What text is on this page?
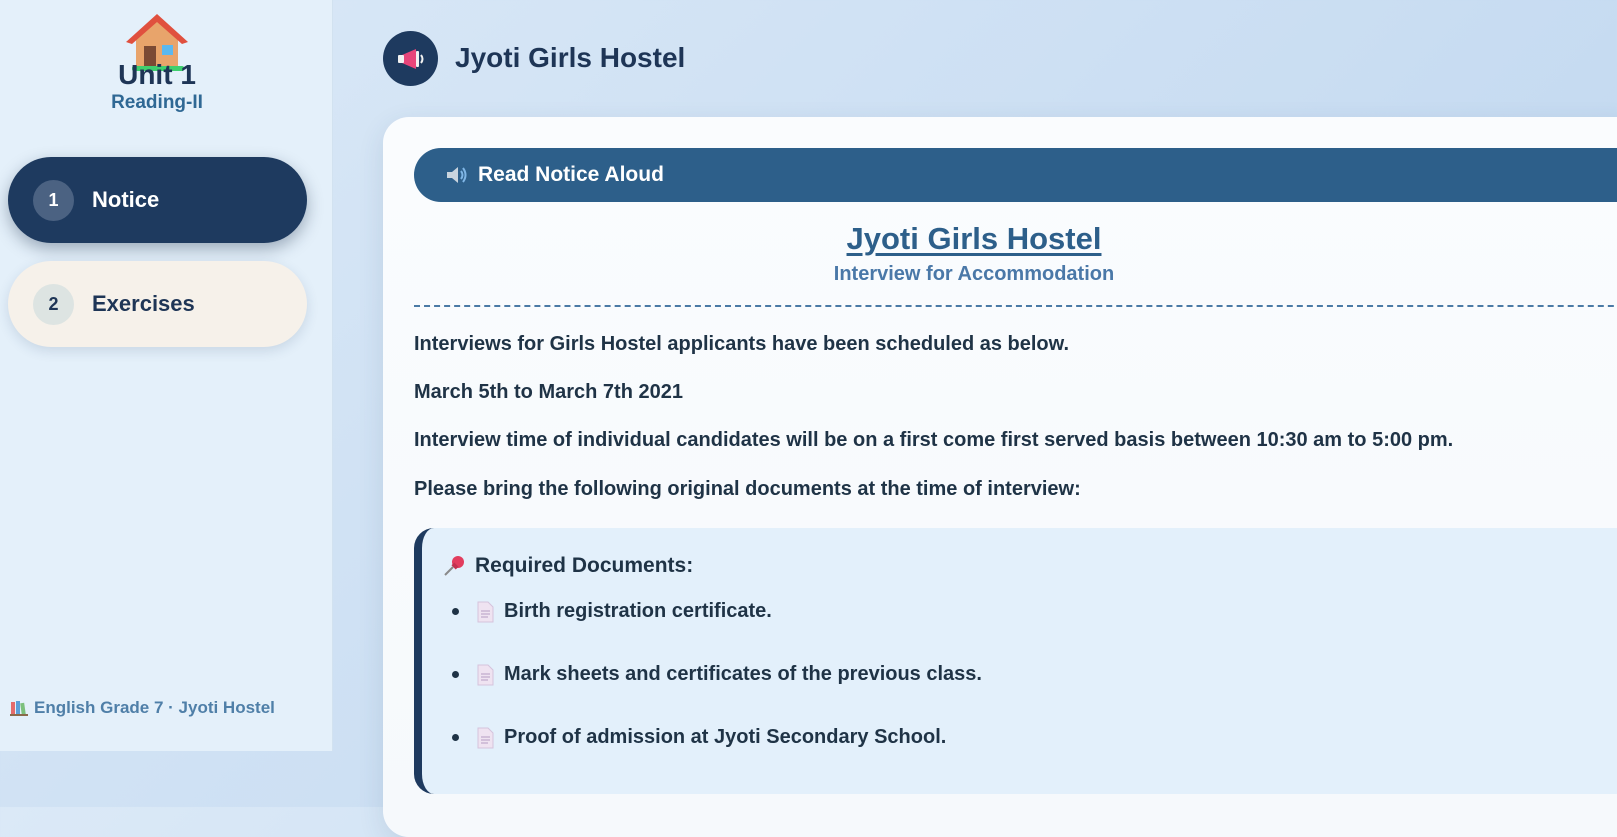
Unit 1
Reading-II
1	Notice
2	Exercises
English Grade 7 · Jyoti Hostel
Jyoti Girls Hostel
Read Notice Aloud
Jyoti Girls Hostel
Interview for Accommodation
Interviews for Girls Hostel applicants have been scheduled as below.
March 5th to March 7th 2021
Interview time of individual candidates will be on a first come first served basis between 10:30 am to 5:00 pm.
Please bring the following original documents at the time of interview:
Required Documents:
Birth registration certificate.
Mark sheets and certificates of the previous class.
Proof of admission at Jyoti Secondary School.
